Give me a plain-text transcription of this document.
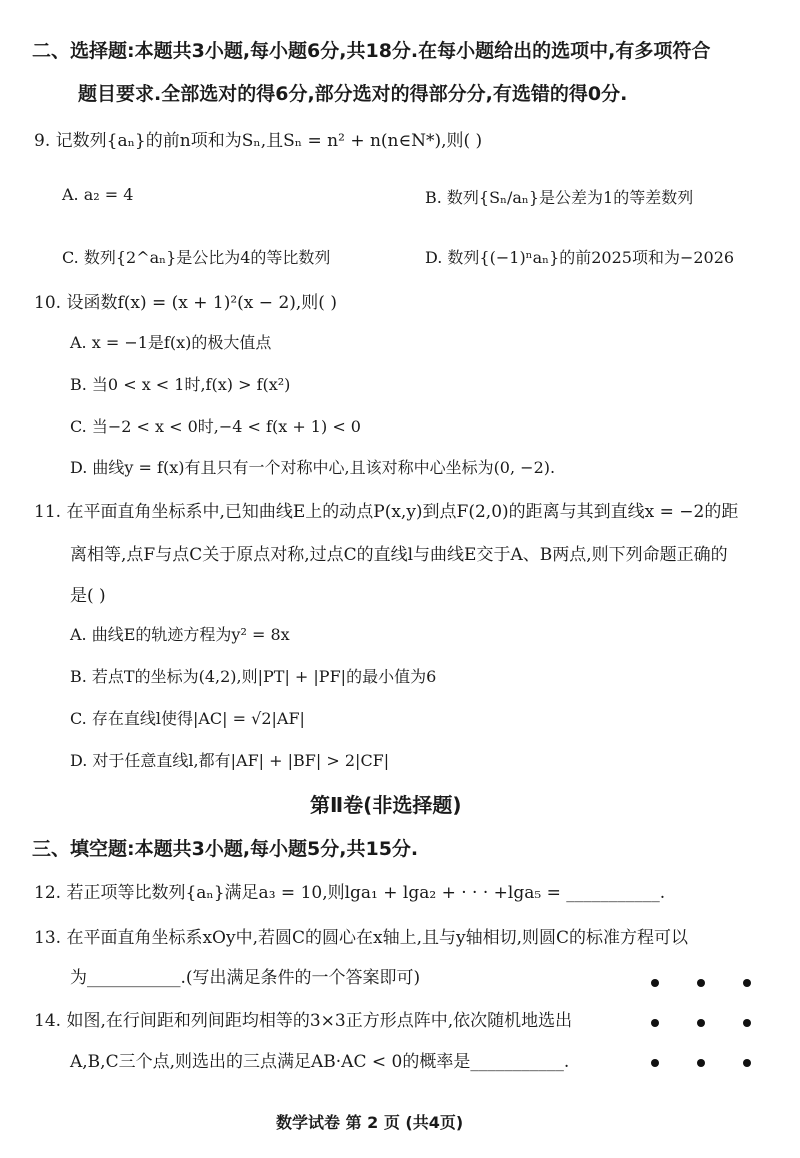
二、选择题:本题共3小题,每小题6分,共18分.在每小题给出的选项中,有多项符合
题目要求.全部选对的得6分,部分选对的得部分分,有选错的得0分.
9. 记数列{aₙ}的前n项和为Sₙ,且Sₙ = n² + n(n∈N*),则( )
A. a₂ = 4	B. 数列{Sₙ/aₙ}是公差为1的等差数列
C. 数列{2^aₙ}是公比为4的等比数列	D. 数列{(−1)ⁿaₙ}的前2025项和为−2026
10. 设函数f(x) = (x + 1)²(x − 2),则( )
A. x = −1是f(x)的极大值点
B. 当0 < x < 1时,f(x) > f(x²)
C. 当−2 < x < 0时,−4 < f(x + 1) < 0
D. 曲线y = f(x)有且只有一个对称中心,且该对称中心坐标为(0, −2).
11. 在平面直角坐标系中,已知曲线E上的动点P(x,y)到点F(2,0)的距离与其到直线x = −2的距
离相等,点F与点C关于原点对称,过点C的直线l与曲线E交于A、B两点,则下列命题正确的
是( )
A. 曲线E的轨迹方程为y² = 8x
B. 若点T的坐标为(4,2),则|PT| + |PF|的最小值为6
C. 存在直线l使得|AC| = √2|AF|
D. 对于任意直线l,都有|AF| + |BF| > 2|CF|
第Ⅱ卷(非选择题)
三、填空题:本题共3小题,每小题5分,共15分.
12. 若正项等比数列{aₙ}满足a₃ = 10,则lga₁ + lga₂ + · · · +lga₅ = ___________.
13. 在平面直角坐标系xOy中,若圆C的圆心在x轴上,且与y轴相切,则圆C的标准方程可以
为___________.(写出满足条件的一个答案即可)
14. 如图,在行间距和列间距均相等的3×3正方形点阵中,依次随机地选出
A,B,C三个点,则选出的三点满足AB·AC < 0的概率是___________.
数学试卷 第 2 页 (共4页)
